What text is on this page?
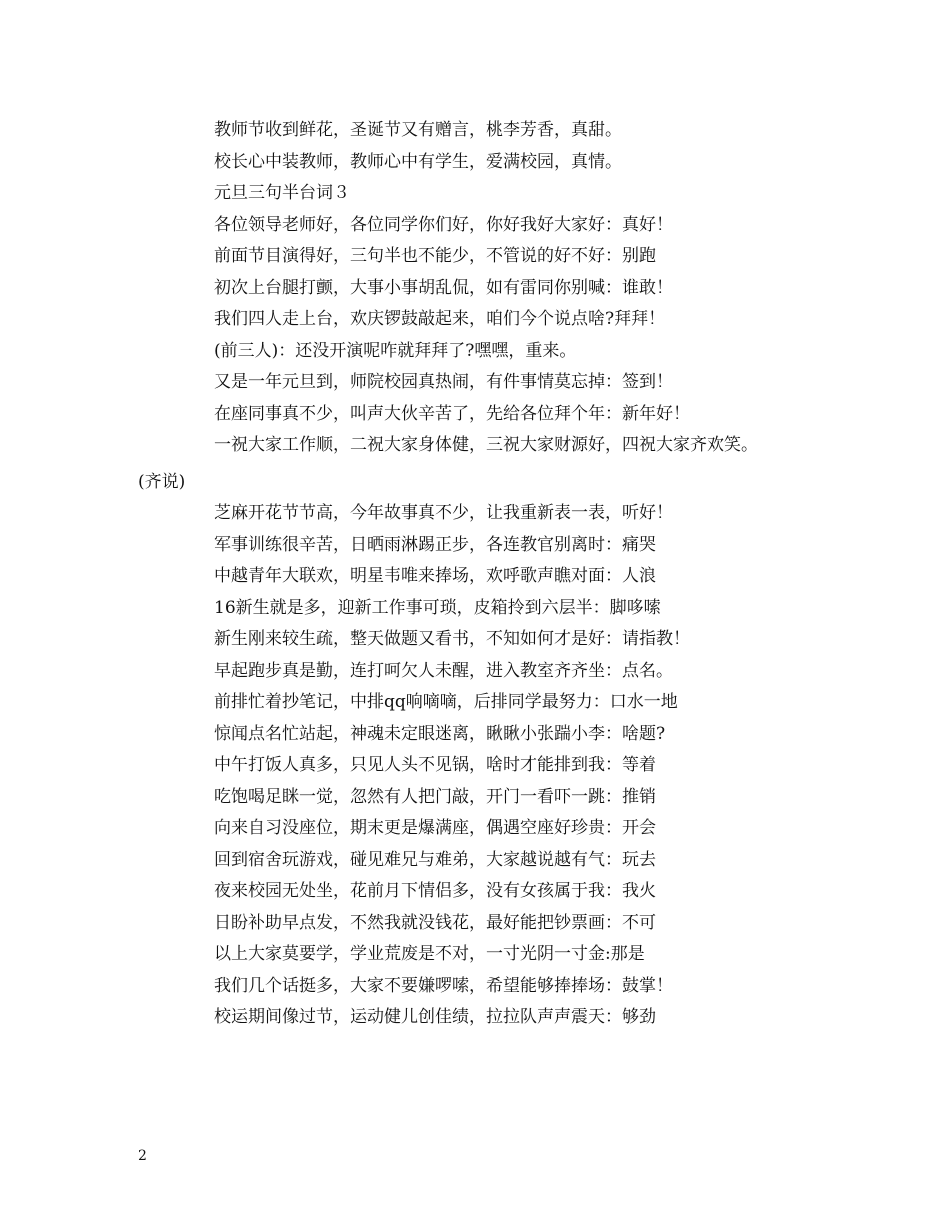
教师节收到鲜花，圣诞节又有赠言，桃李芳香，真甜。
校长心中装教师，教师心中有学生，爱满校园，真情。
元旦三句半台词３
各位领导老师好，各位同学你们好，你好我好大家好：真好！
前面节目演得好，三句半也不能少，不管说的好不好：别跑
初次上台腿打颤，大事小事胡乱侃，如有雷同你别喊：谁敢！
我们四人走上台，欢庆锣鼓敲起来，咱们今个说点啥?拜拜！
(前三人)：还没开演呢咋就拜拜了?嘿嘿，重来。
又是一年元旦到，师院校园真热闹，有件事情莫忘掉：签到！
在座同事真不少，叫声大伙辛苦了，先给各位拜个年：新年好！
一祝大家工作顺，二祝大家身体健，三祝大家财源好，四祝大家齐欢笑。
(齐说)
芝麻开花节节高，今年故事真不少，让我重新表一表，听好！
军事训练很辛苦，日晒雨淋踢正步，各连教官别离时：痛哭
中越青年大联欢，明星韦唯来捧场，欢呼歌声瞧对面：人浪
16新生就是多，迎新工作事可琐，皮箱拎到六层半：脚哆嗦
新生刚来较生疏，整天做题又看书，不知如何才是好：请指教！
早起跑步真是勤，连打呵欠人未醒，进入教室齐齐坐：点名。
前排忙着抄笔记，中排qq响嘀嘀，后排同学最努力：口水一地
惊闻点名忙站起，神魂未定眼迷离，瞅瞅小张踹小李：啥题?
中午打饭人真多，只见人头不见锅，啥时才能排到我：等着
吃饱喝足眯一觉，忽然有人把门敲，开门一看吓一跳：推销
向来自习没座位，期末更是爆满座，偶遇空座好珍贵：开会
回到宿舍玩游戏，碰见难兄与难弟，大家越说越有气：玩去
夜来校园无处坐，花前月下情侣多，没有女孩属于我：我火
日盼补助早点发，不然我就没钱花，最好能把钞票画：不可
以上大家莫要学，学业荒废是不对，一寸光阴一寸金:那是
我们几个话挺多，大家不要嫌啰嗦，希望能够捧捧场：鼓掌！
校运期间像过节，运动健儿创佳绩，拉拉队声声震天：够劲
2
